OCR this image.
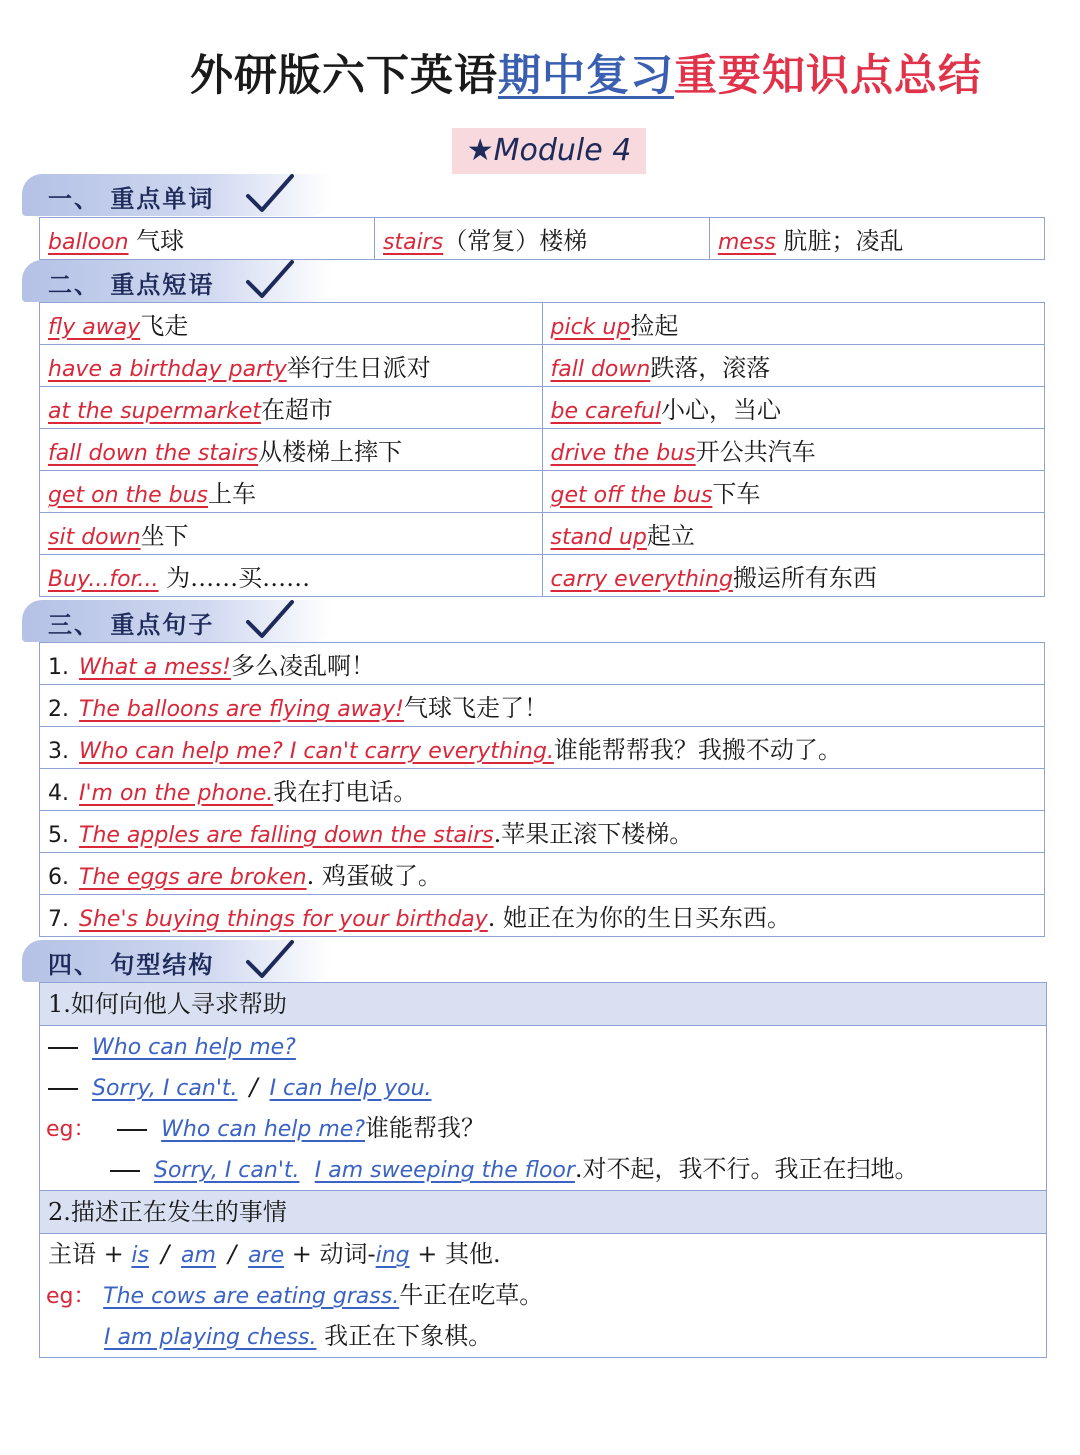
外研版六下英语期中复习重要知识点总结
★Module 4
一、 重点单词
balloon 气球	stairs（常复）楼梯	mess 肮脏；凌乱
二、 重点短语
fly away飞走	pick up捡起
have a birthday party举行生日派对	fall down跌落，滚落
at the supermarket在超市	be careful小心，当心
fall down the stairs从楼梯上摔下	drive the bus开公共汽车
get on the bus上车	get off the bus下车
sit down坐下	stand up起立
Buy...for... 为……买……	carry everything搬运所有东西
三、 重点句子
1. What a mess!多么凌乱啊！
2. The balloons are flying away!气球飞走了！
3. Who can help me? I can't carry everything.谁能帮帮我？我搬不动了。
4. I'm on the phone.我在打电话。
5. The apples are falling down the stairs.苹果正滚下楼梯。
6. The eggs are broken. 鸡蛋破了。
7. She's buying things for your birthday. 她正在为你的生日买东西。
四、 句型结构
1.如何向他人寻求帮助
Who can help me?
Sorry, I can't. / I can help you.
eg：	Who can help me?谁能帮我？
Sorry, I can't. I am sweeping the floor.对不起，我不行。我正在扫地。
2.描述正在发生的事情
主语 + is / am / are + 动词-ing + 其他.
eg： The cows are eating grass.牛正在吃草。
I am playing chess. 我正在下象棋。
